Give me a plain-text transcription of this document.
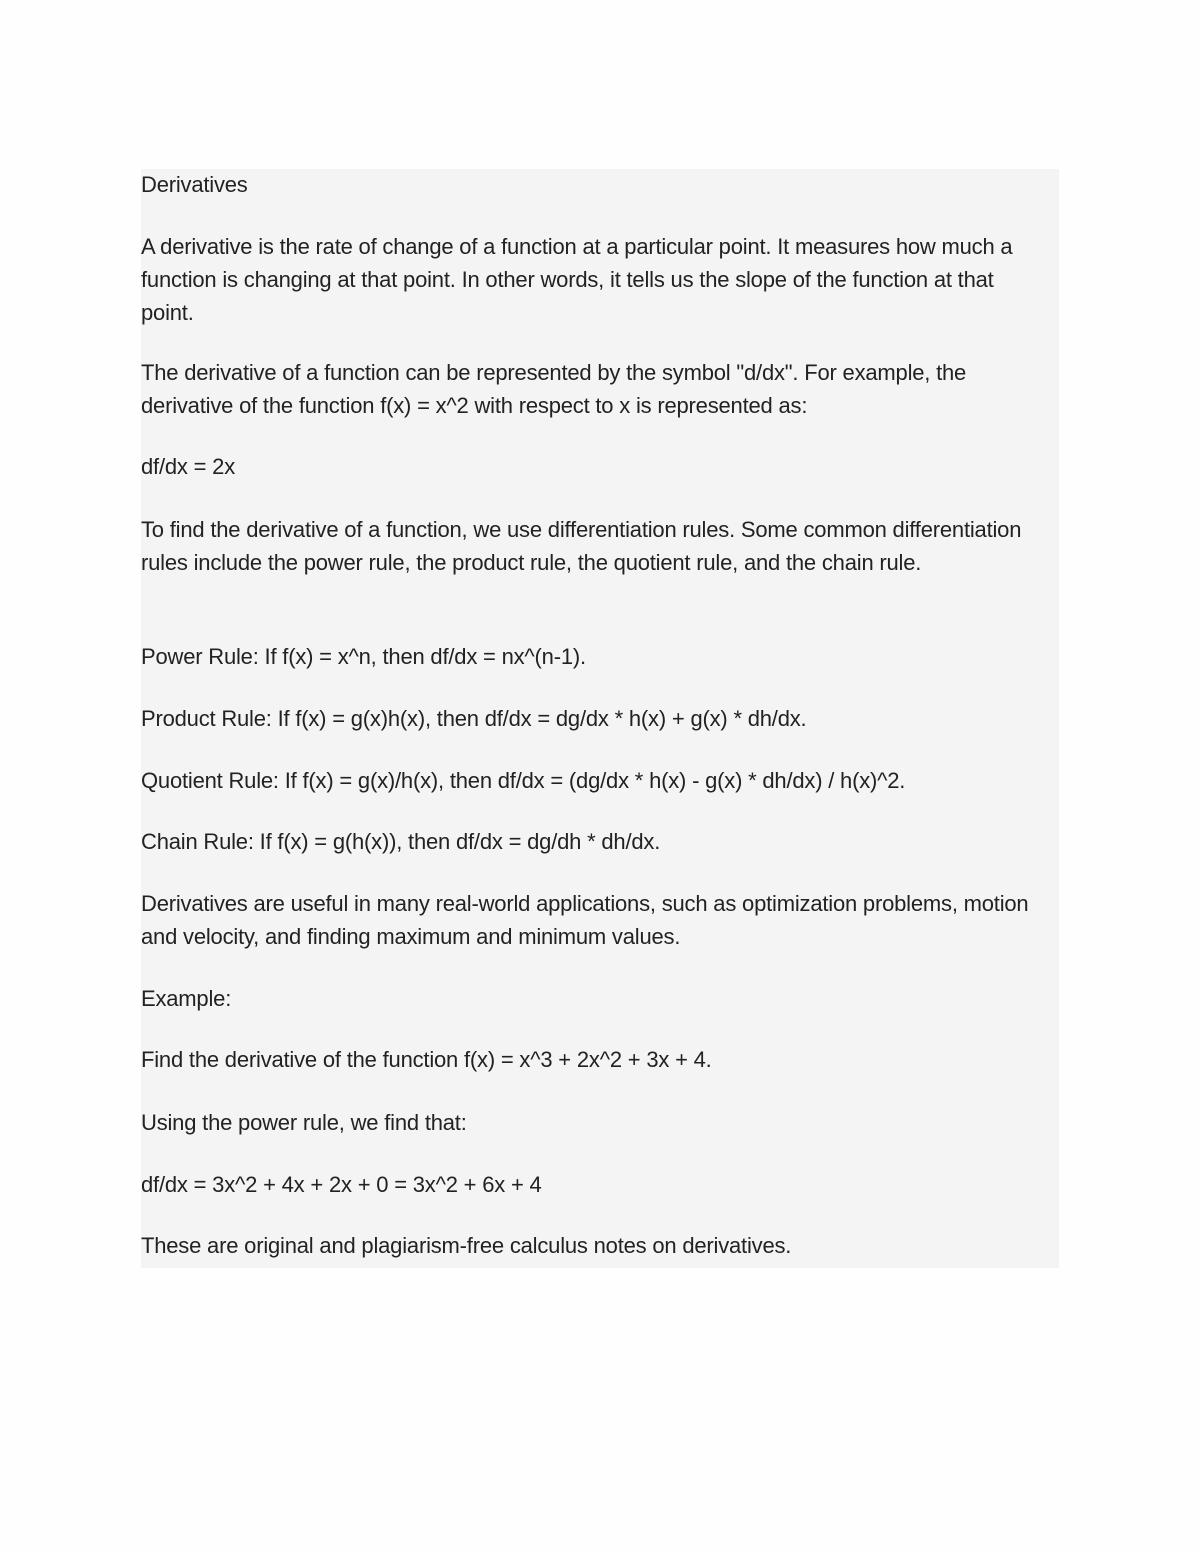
Derivatives

A derivative is the rate of change of a function at a particular point. It measures how much a function is changing at that point. In other words, it tells us the slope of the function at that point.

The derivative of a function can be represented by the symbol "d/dx". For example, the derivative of the function f(x) = x^2 with respect to x is represented as:

df/dx = 2x

To find the derivative of a function, we use differentiation rules. Some common differentiation rules include the power rule, the product rule, the quotient rule, and the chain rule.

Power Rule: If f(x) = x^n, then df/dx = nx^(n-1).

Product Rule: If f(x) = g(x)h(x), then df/dx = dg/dx * h(x) + g(x) * dh/dx.

Quotient Rule: If f(x) = g(x)/h(x), then df/dx = (dg/dx * h(x) - g(x) * dh/dx) / h(x)^2.

Chain Rule: If f(x) = g(h(x)), then df/dx = dg/dh * dh/dx.

Derivatives are useful in many real-world applications, such as optimization problems, motion and velocity, and finding maximum and minimum values.

Example:

Find the derivative of the function f(x) = x^3 + 2x^2 + 3x + 4.

Using the power rule, we find that:

df/dx = 3x^2 + 4x + 2x + 0 = 3x^2 + 6x + 4

These are original and plagiarism-free calculus notes on derivatives.
